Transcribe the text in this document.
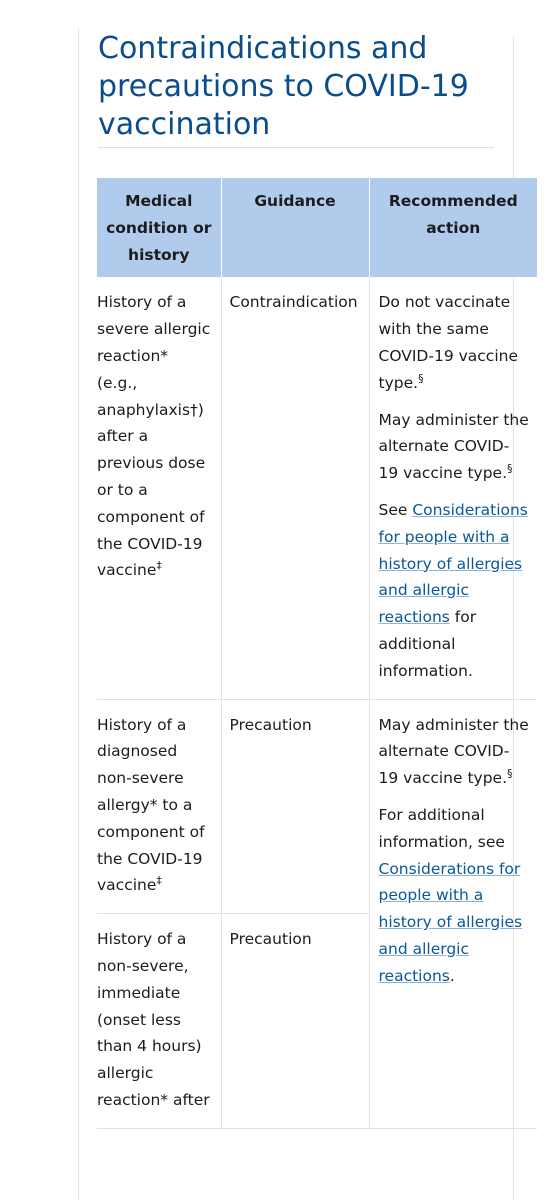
Contraindications and precautions to COVID-19 vaccination
Medical condition or history	Guidance	Recommended action
History of a severe allergic reaction* (e.g., anaphylaxis†) after a previous dose or to a component of the COVID-19 vaccine‡	Contraindication	Do not vaccinate with the same COVID-19 vaccine type.§

May administer the alternate COVID-19 vaccine type.§

See Considerations for people with a history of allergies and allergic reactions for additional information.

History of a diagnosed non-severe allergy* to a component of the COVID-19 vaccine‡	Precaution	May administer the alternate COVID-19 vaccine type.§

For additional information, see Considerations for people with a history of allergies and allergic reactions.

History of a non-severe, immediate (onset less than 4 hours) allergic reaction* after	Precaution	
